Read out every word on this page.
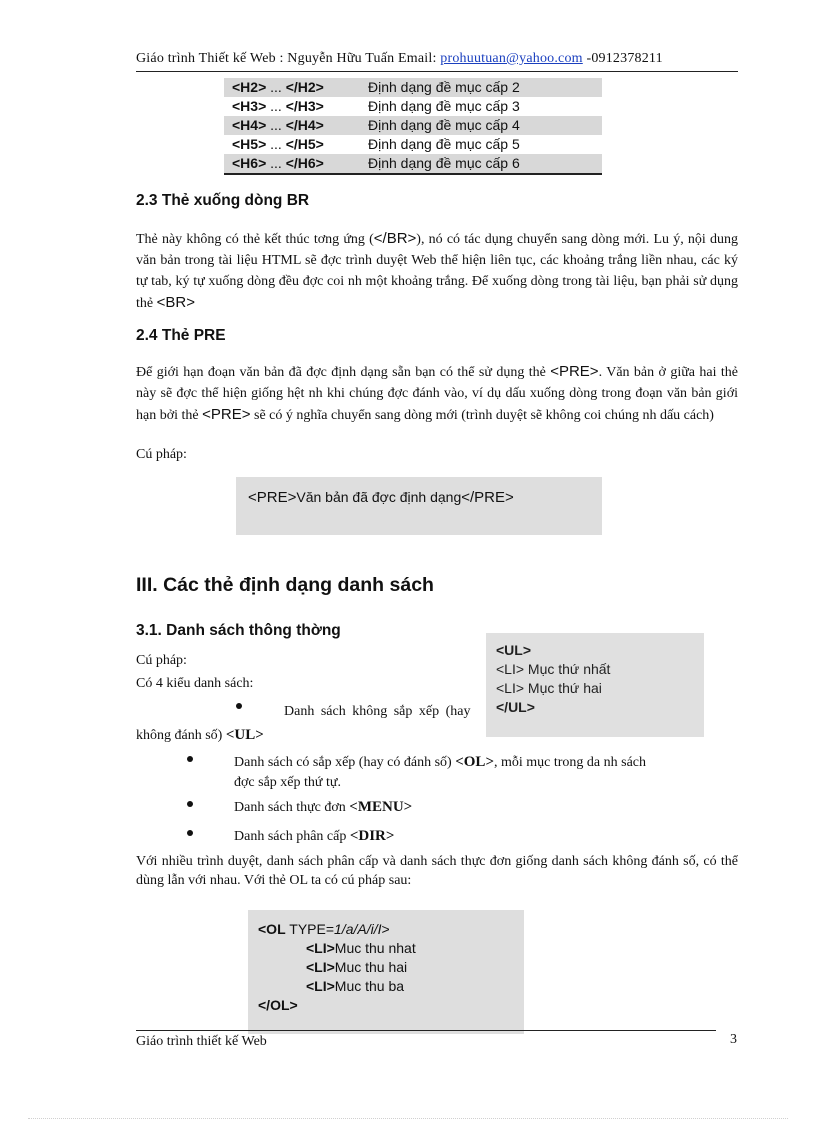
Giáo trình Thiết kế Web : Nguyễn Hữu Tuấn Email: prohuutuan@yahoo.com -0912378211
<H2> ... </H2>	Định dạng đề mục cấp 2
<H3> ... </H3>	Định dạng đề mục cấp 3
<H4> ... </H4>	Định dạng đề mục cấp 4
<H5> ... </H5>	Định dạng đề mục cấp 5
<H6> ... </H6>	Định dạng đề mục cấp 6
2.3 Thẻ xuống dòng BR
Thẻ này không có thẻ kết thúc tơng ứng (</BR>), nó có tác dụng chuyển sang dòng mới. Lu ý, nội dung văn bản trong tài liệu HTML sẽ đợc trình duyệt Web thể hiện liên tục, các khoảng trắng liền nhau, các ký tự tab, ký tự xuống dòng đều đợc coi nh một khoảng trắng. Để xuống dòng trong tài liệu, bạn phải sử dụng thẻ <BR>
2.4 Thẻ PRE
Để giới hạn đoạn văn bản đã đợc định dạng sẵn bạn có thể sử dụng thẻ <PRE>. Văn bản ở giữa hai thẻ này sẽ đợc thể hiện giống hệt nh khi chúng đợc đánh vào, ví dụ dấu xuống dòng trong đoạn văn bản giới hạn bởi thẻ <PRE> sẽ có ý nghĩa chuyển sang dòng mới (trình duyệt sẽ không coi chúng nh dấu cách)
Cú pháp:
<PRE>Văn bản đã đợc định dạng</PRE>
III. Các thẻ định dạng danh sách
3.1. Danh sách thông thờng
Cú pháp:
Có 4 kiểu danh sách:
Danh sách không sắp xếp (hay
không đánh số) <UL>
<UL>
<LI> Mục thứ nhất
<LI> Mục thứ hai
</UL>
Danh sách có sắp xếp (hay có đánh số) <OL>, mỗi mục trong da nh sách
đợc sắp xếp thứ tự.
Danh sách thực đơn <MENU>
Danh sách phân cấp <DIR>
Với nhiều trình duyệt, danh sách phân cấp và danh sách thực đơn giống danh sách không đánh số, có thể dùng lẫn với nhau. Với thẻ OL ta có cú pháp sau:
<OL TYPE=1/a/A/i/I>
<LI>Muc thu nhat
<LI>Muc thu hai
<LI>Muc thu ba
</OL>
Giáo trình thiết kế Web	3
